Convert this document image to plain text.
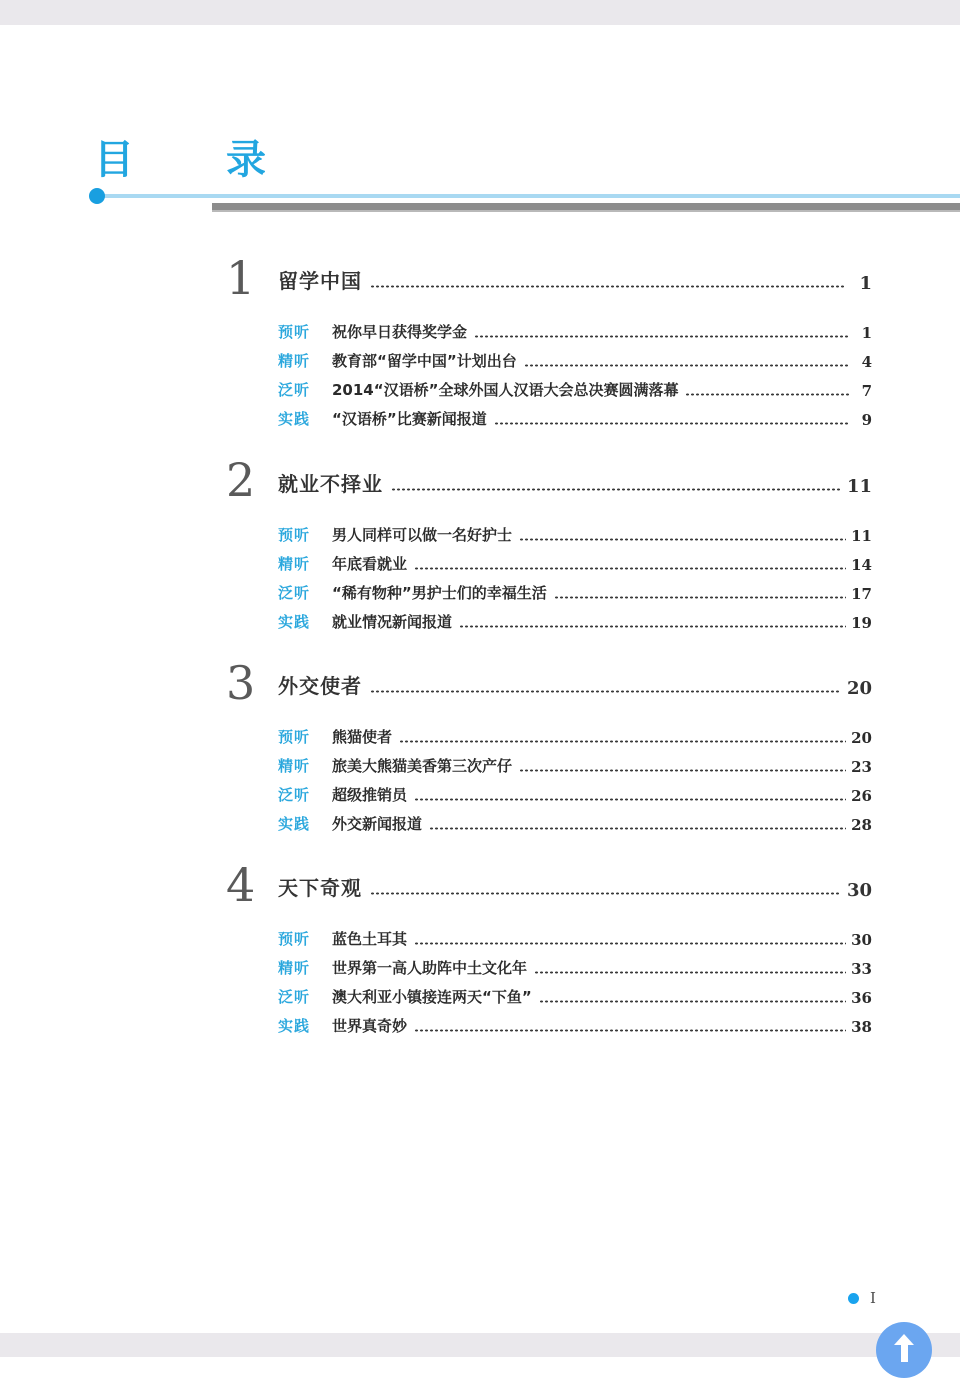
目　录
1	留学中国	1
预听	祝你早日获得奖学金	1
精听	教育部“留学中国”计划出台	4
泛听	2014“汉语桥”全球外国人汉语大会总决赛圆满落幕	7
实践	“汉语桥”比赛新闻报道	9
2	就业不择业	11
预听	男人同样可以做一名好护士	11
精听	年底看就业	14
泛听	“稀有物种”男护士们的幸福生活	17
实践	就业情况新闻报道	19
3	外交使者	20
预听	熊猫使者	20
精听	旅美大熊猫美香第三次产仔	23
泛听	超级推销员	26
实践	外交新闻报道	28
4	天下奇观	30
预听	蓝色土耳其	30
精听	世界第一高人助阵中土文化年	33
泛听	澳大利亚小镇接连两天“下鱼”	36
实践	世界真奇妙	38
I
